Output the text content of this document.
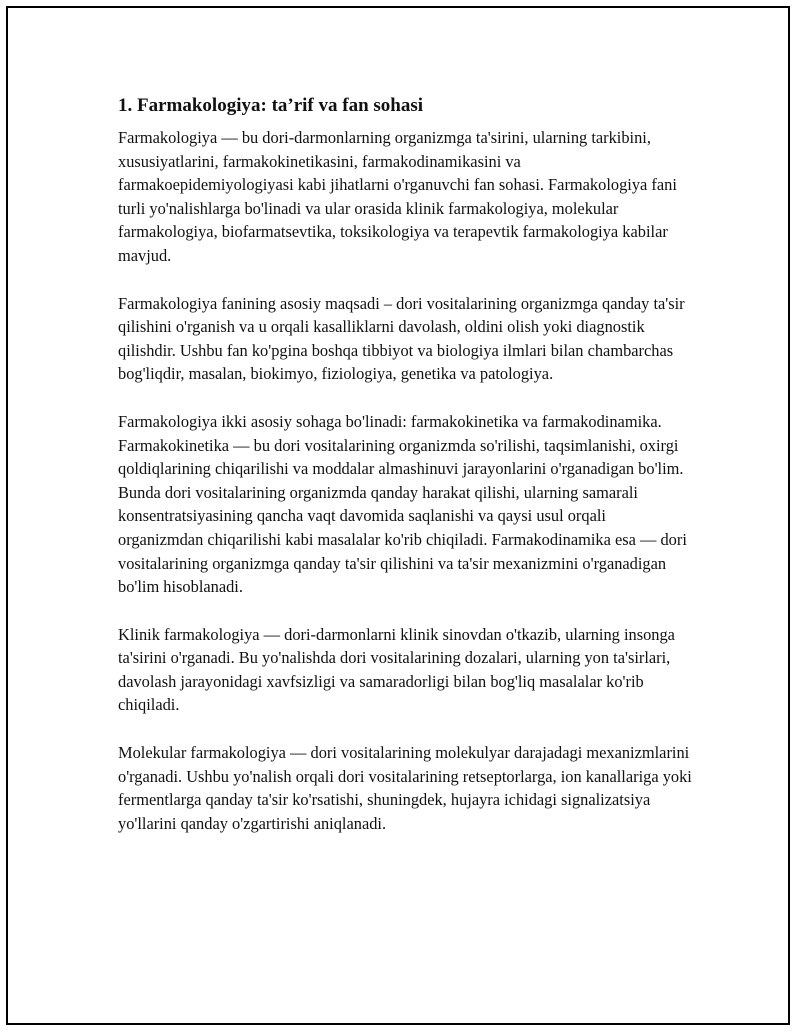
1. Farmakologiya: ta’rif va fan sohasi

Farmakologiya — bu dori-darmonlarning organizmga ta'sirini, ularning tarkibini, xususiyatlarini, farmakokinetikasini, farmakodinamikasini va farmakoepidemiyologiyasi kabi jihatlarni o'rganuvchi fan sohasi. Farmakologiya fani turli yo'nalishlarga bo'linadi va ular orasida klinik farmakologiya, molekular farmakologiya, biofarmatsevtika, toksikologiya va terapevtik farmakologiya kabilar mavjud.

Farmakologiya fanining asosiy maqsadi – dori vositalarining organizmga qanday ta'sir qilishini o'rganish va u orqali kasalliklarni davolash, oldini olish yoki diagnostik qilishdir. Ushbu fan ko'pgina boshqa tibbiyot va biologiya ilmlari bilan chambarchas bog'liqdir, masalan, biokimyo, fiziologiya, genetika va patologiya.

Farmakologiya ikki asosiy sohaga bo'linadi: farmakokinetika va farmakodinamika. Farmakokinetika — bu dori vositalarining organizmda so'rilishi, taqsimlanishi, oxirgi qoldiqlarining chiqarilishi va moddalar almashinuvi jarayonlarini o'rganadigan bo'lim. Bunda dori vositalarining organizmda qanday harakat qilishi, ularning samarali konsentratsiyasining qancha vaqt davomida saqlanishi va qaysi usul orqali organizmdan chiqarilishi kabi masalalar ko'rib chiqiladi. Farmakodinamika esa — dori vositalarining organizmga qanday ta'sir qilishini va ta'sir mexanizmini o'rganadigan bo'lim hisoblanadi.

Klinik farmakologiya — dori-darmonlarni klinik sinovdan o'tkazib, ularning insonga ta'sirini o'rganadi. Bu yo'nalishda dori vositalarining dozalari, ularning yon ta'sirlari, davolash jarayonidagi xavfsizligi va samaradorligi bilan bog'liq masalalar ko'rib chiqiladi.

Molekular farmakologiya — dori vositalarining molekulyar darajadagi mexanizmlarini o'rganadi. Ushbu yo'nalish orqali dori vositalarining retseptorlarga, ion kanallariga yoki fermentlarga qanday ta'sir ko'rsatishi, shuningdek, hujayra ichidagi signalizatsiya yo'llarini qanday o'zgartirishi aniqlanadi.
